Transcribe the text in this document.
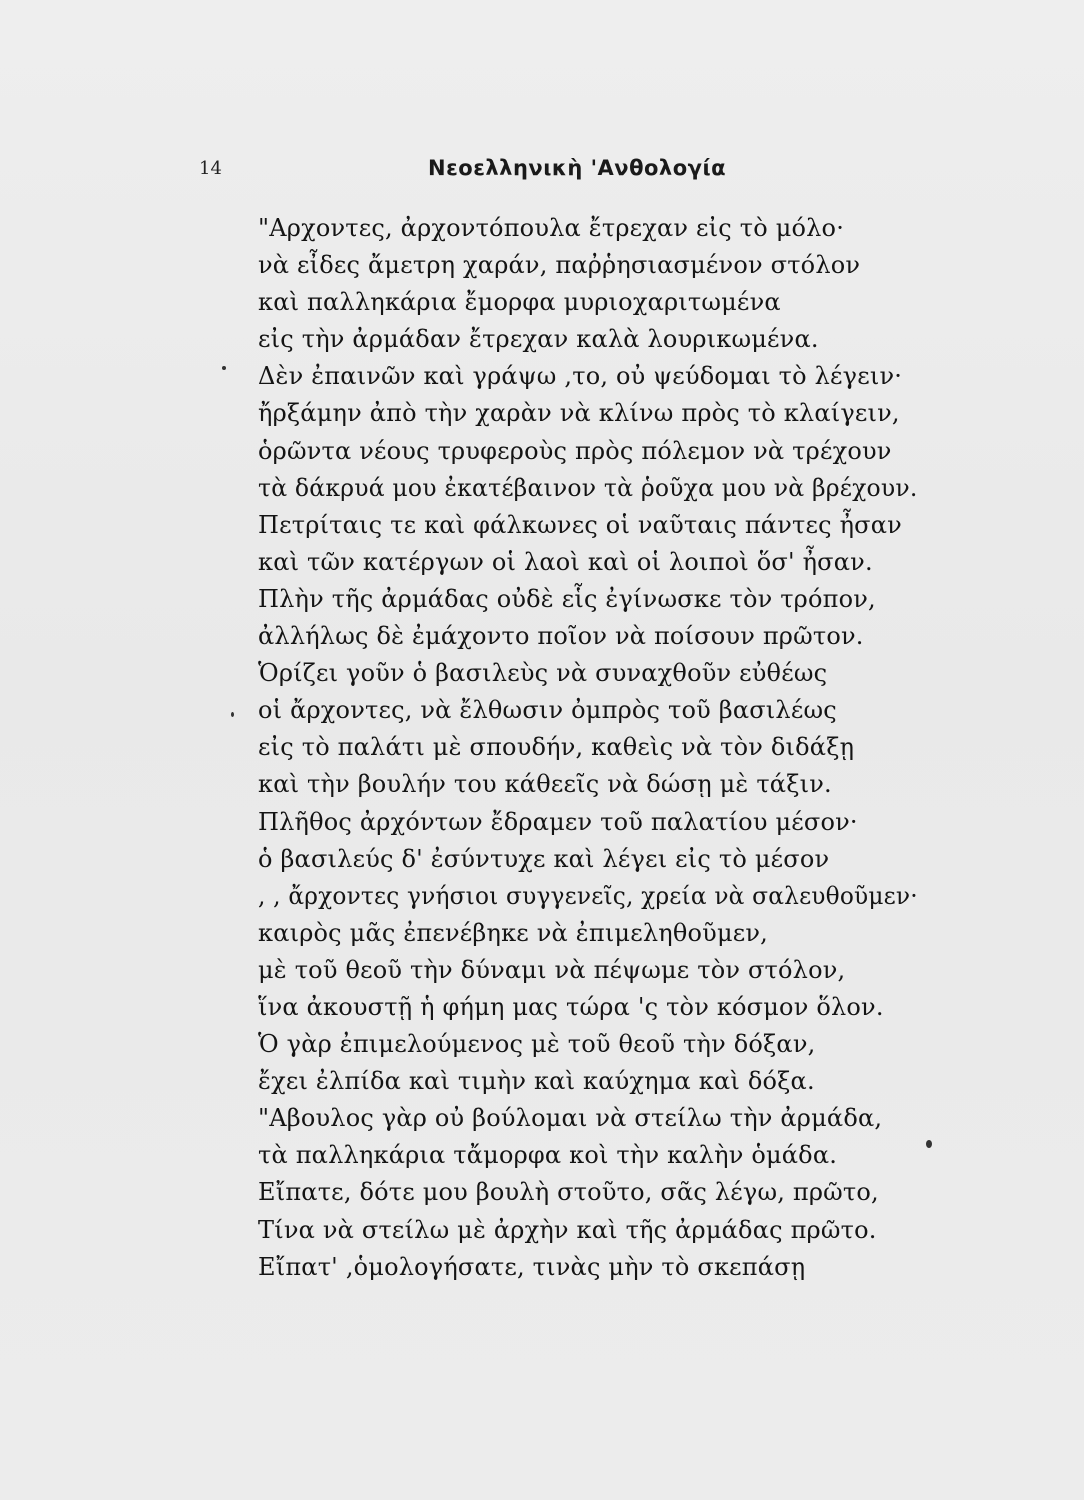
14	Νεοελληνικὴ 'Ανθολογία
"Αρχοντες, ἀρχοντόπουλα ἔτρεχαν εἰς τὸ μόλο·
νὰ εἶδες ἄμετρη χαράν, παῤῥησιασμένον στόλον
καὶ παλληκάρια ἔμορφα μυριοχαριτωμένα
εἰς τὴν ἀρμάδαν ἔτρεχαν καλὰ λουρικωμένα.
Δὲν ἐπαινῶν καὶ γράψω ,το, οὐ ψεύδομαι τὸ λέγειν·
ἤρξάμην ἀπὸ τὴν χαρὰν νὰ κλίνω πρὸς τὸ κλαίγειν,
ὁρῶντα νέους τρυφεροὺς πρὸς πόλεμον νὰ τρέχουν
τὰ δάκρυά μου ἐκατέβαινον τὰ ῥοῦχα μου νὰ βρέχουν.
Πετρίταις τε καὶ φάλκωνες οἱ ναῦταις πάντες ἦσαν
καὶ τῶν κατέργων οἱ λαοὶ καὶ οἱ λοιποὶ ὅσ' ἦσαν.
Πλὴν τῆς ἀρμάδας οὐδὲ εἷς ἐγίνωσκε τὸν τρόπον,
ἀλλήλως δὲ ἐμάχοντο ποῖον νὰ ποίσουν πρῶτον.
Ὁρίζει γοῦν ὁ βασιλεὺς νὰ συναχθοῦν εὐθέως
οἱ ἄρχοντες, νὰ ἔλθωσιν ὀμπρὸς τοῦ βασιλέως
εἰς τὸ παλάτι μὲ σπουδήν, καθεὶς νὰ τὸν διδάξῃ
καὶ τὴν βουλήν του κάθεεῖς νὰ δώσῃ μὲ τάξιν.
Πλῆθος ἀρχόντων ἔδραμεν τοῦ παλατίου μέσον·
ὁ βασιλεύς δ' ἐσύντυχε καὶ λέγει εἰς τὸ μέσον
, , ἄρχοντες γνήσιοι συγγενεῖς, χρεία νὰ σαλευθοῦμεν·
καιρὸς μᾶς ἐπενέβηκε νὰ ἐπιμεληθοῦμεν,
μὲ τοῦ θεοῦ τὴν δύναμι νὰ πέψωμε τὸν στόλον,
ἵνα ἀκουστῇ ἡ φήμη μας τώρα 'ς τὸν κόσμον ὅλον.
Ὁ γὰρ ἐπιμελούμενος μὲ τοῦ θεοῦ τὴν δόξαν,
ἔχει ἐλπίδα καὶ τιμὴν καὶ καύχημα καὶ δόξα.
"Αβουλος γὰρ οὐ βούλομαι νὰ στείλω τὴν ἀρμάδα,
τὰ παλληκάρια τἄμορφα κοὶ τὴν καλὴν ὁμάδα.
Εἴπατε, δότε μου βουλὴ στοῦτο, σᾶς λέγω, πρῶτο,
Τίνα νὰ στείλω μὲ ἀρχὴν καὶ τῆς ἀρμάδας πρῶτο.
Εἴπατ' ,ὁμολογήσατε, τινὰς μὴν τὸ σκεπάσῃ
